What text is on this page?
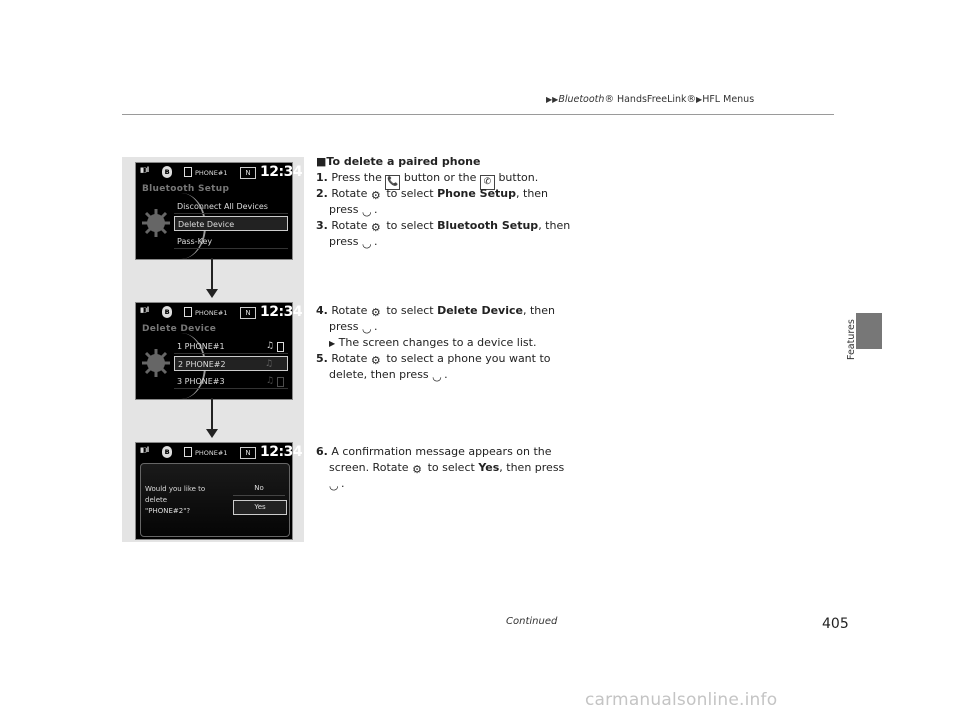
▶▶Bluetooth® HandsFreeLink®▶HFL Menus
Features
▮▯ıll	ʙ	PHONE#1	N 12:34
Bluetooth Setup
Disconnect All Devices
Delete Device
Pass-Key
▮▯ıll	ʙ	PHONE#1	N 12:34
Delete Device
1 PHONE#1	♫
2 PHONE#2	♫
3 PHONE#3	♫
▮▯ıll	ʙ	PHONE#1	N 12:34
Would you like to
delete
"PHONE#2"?
No
Yes
■To delete a paired phone
1. Press the 📞 button or the ✆ button.
2. Rotate ⚙ to select Phone Setup, then
press ◡ .
3. Rotate ⚙ to select Bluetooth Setup, then
press ◡ .
4. Rotate ⚙ to select Delete Device, then
press ◡ .
▶ The screen changes to a device list.
5. Rotate ⚙ to select a phone you want to
delete, then press ◡ .
6. A confirmation message appears on the
screen. Rotate ⚙ to select Yes, then press
◡ .
Continued	405
carmanualsonline.info
